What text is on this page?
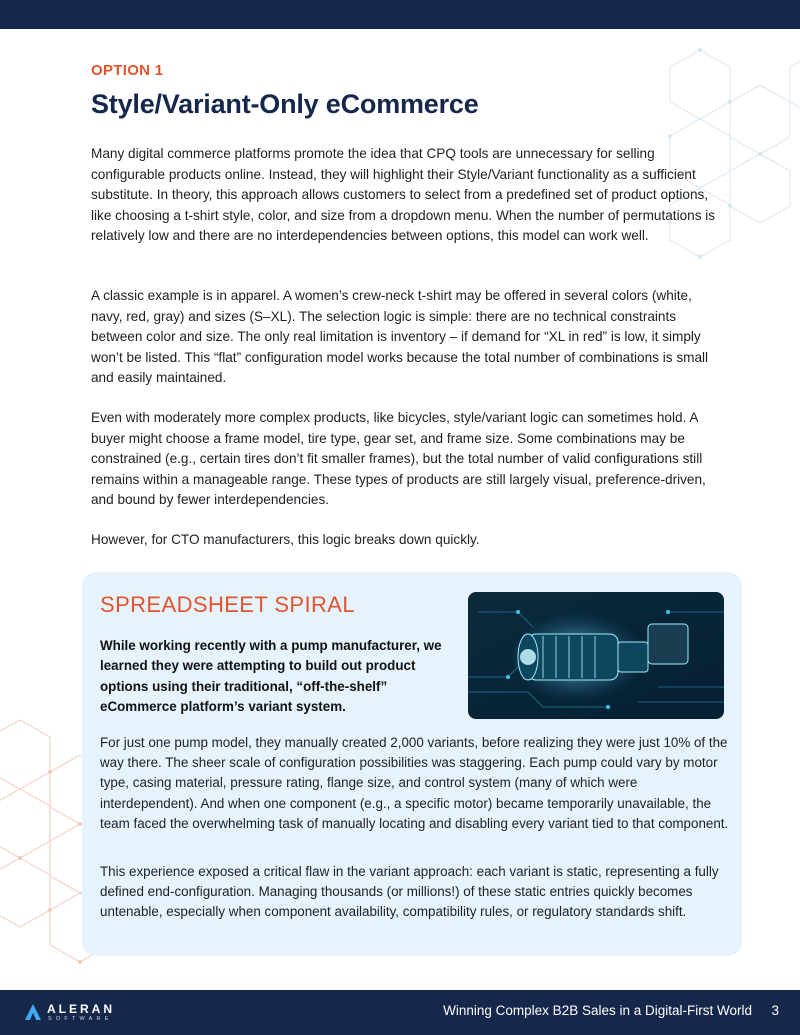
OPTION 1
Style/Variant-Only eCommerce

Many digital commerce platforms promote the idea that CPQ tools are unnecessary for selling configurable products online. Instead, they will highlight their Style/Variant functionality as a sufficient substitute. In theory, this approach allows customers to select from a predefined set of product options, like choosing a t-shirt style, color, and size from a dropdown menu. When the number of permutations is relatively low and there are no interdependencies between options, this model can work well.

A classic example is in apparel. A women’s crew-neck t-shirt may be offered in several colors (white, navy, red, gray) and sizes (S–XL). The selection logic is simple: there are no technical constraints between color and size. The only real limitation is inventory – if demand for “XL in red” is low, it simply won’t be listed. This “flat” configuration model works because the total number of combinations is small and easily maintained.

Even with moderately more complex products, like bicycles, style/variant logic can sometimes hold. A buyer might choose a frame model, tire type, gear set, and frame size. Some combinations may be constrained (e.g., certain tires don’t fit smaller frames), but the total number of valid configurations still remains within a manageable range. These types of products are still largely visual, preference-driven, and bound by fewer interdependencies.

However, for CTO manufacturers, this logic breaks down quickly.

SPREADSHEET SPIRAL

While working recently with a pump manufacturer, we learned they were attempting to build out product options using their traditional, “off-the-shelf” eCommerce platform’s variant system.

For just one pump model, they manually created 2,000 variants, before realizing they were just 10% of the way there. The sheer scale of configuration possibilities was staggering. Each pump could vary by motor type, casing material, pressure rating, flange size, and control system (many of which were interdependent). And when one component (e.g., a specific motor) became temporarily unavailable, the team faced the overwhelming task of manually locating and disabling every variant tied to that component.

This experience exposed a critical flaw in the variant approach: each variant is static, representing a fully defined end-configuration. Managing thousands (or millions!) of these static entries quickly becomes untenable, especially when component availability, compatibility rules, or regulatory standards shift.

ALERAN
SOFTWARE
Winning Complex B2B Sales in a Digital-First World 3
